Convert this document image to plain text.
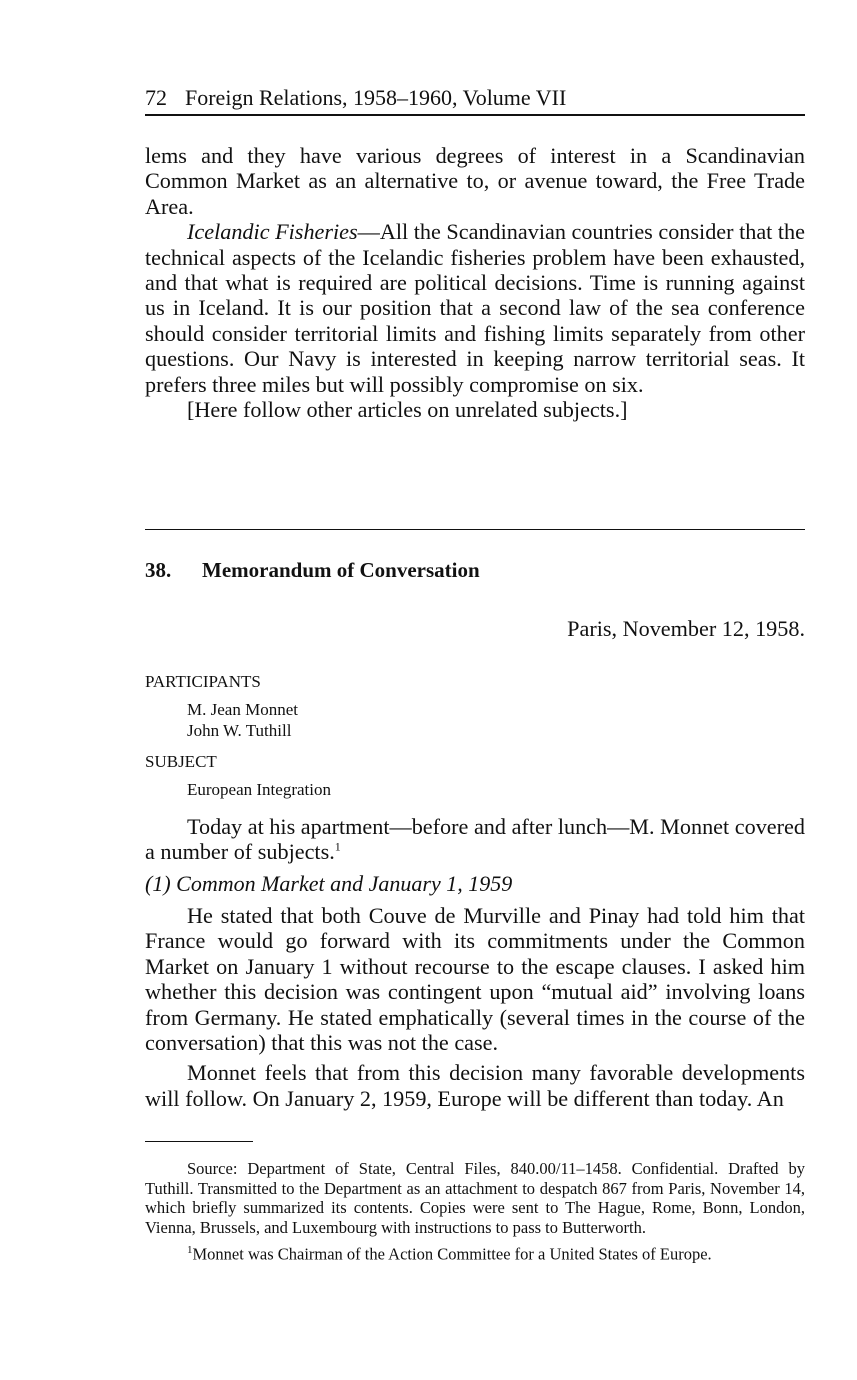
72 Foreign Relations, 1958–1960, Volume VII

lems and they have various degrees of interest in a Scandinavian Common Market as an alternative to, or avenue toward, the Free Trade Area.

Icelandic Fisheries—All the Scandinavian countries consider that the technical aspects of the Icelandic fisheries problem have been exhausted, and that what is required are political decisions. Time is running against us in Iceland. It is our position that a second law of the sea conference should consider territorial limits and fishing limits separately from other questions. Our Navy is interested in keeping narrow territorial seas. It prefers three miles but will possibly compromise on six.

[Here follow other articles on unrelated subjects.]

38. Memorandum of Conversation
Paris, November 12, 1958.
PARTICIPANTS
M. Jean Monnet
John W. Tuthill
SUBJECT
European Integration

Today at his apartment—before and after lunch—M. Monnet covered a number of subjects.$^1$

(1) Common Market and January 1, 1959

He stated that both Couve de Murville and Pinay had told him that France would go forward with its commitments under the Common Market on January 1 without recourse to the escape clauses. I asked him whether this decision was contingent upon “mutual aid” involving loans from Germany. He stated emphatically (several times in the course of the conversation) that this was not the case.

Monnet feels that from this decision many favorable developments will follow. On January 2, 1959, Europe will be different than today. An

Source: Department of State, Central Files, 840.00/11–1458. Confidential. Drafted by Tuthill. Transmitted to the Department as an attachment to despatch 867 from Paris, November 14, which briefly summarized its contents. Copies were sent to The Hague, Rome, Bonn, London, Vienna, Brussels, and Luxembourg with instructions to pass to Butterworth.

$^1$Monnet was Chairman of the Action Committee for a United States of Europe.
